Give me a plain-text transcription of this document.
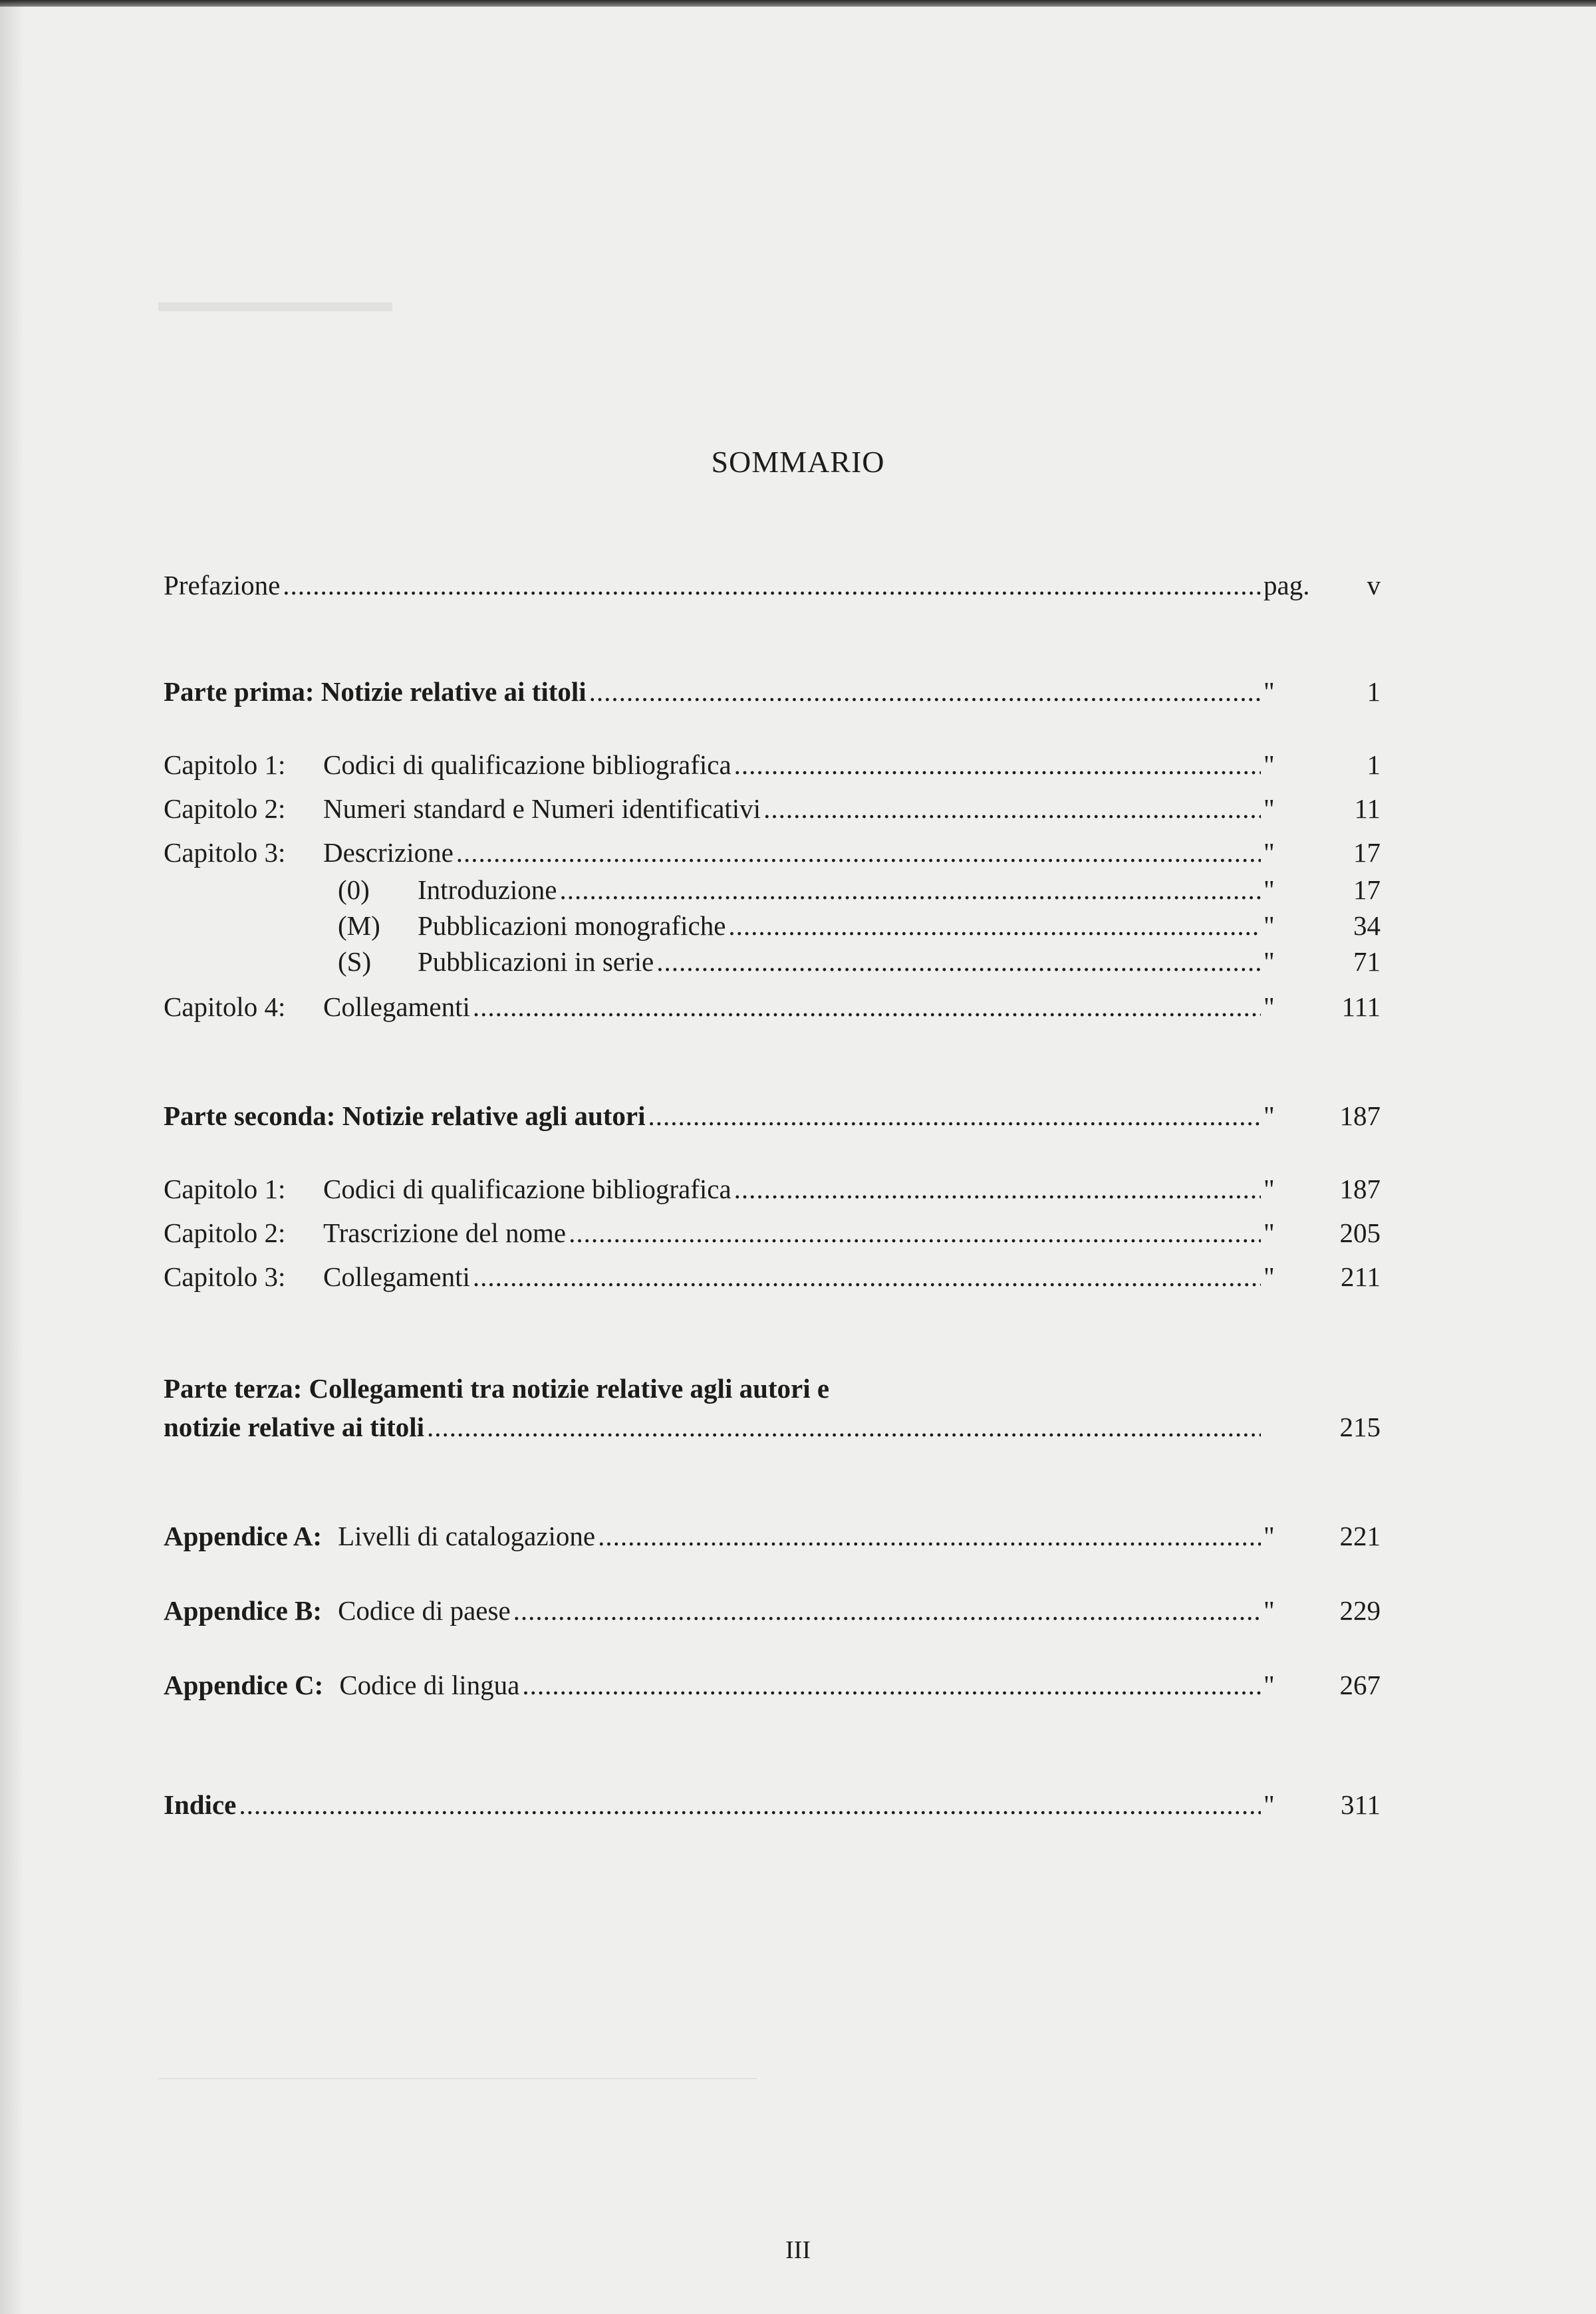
▬▬▬▬▬▬▬▬
SOMMARIO
Prefazione .....	pag.	v
Parte prima: Notizie relative ai titoli .....	"	1
Capitolo 1:	Codici di qualificazione bibliografica .....	"	1
Capitolo 2:	Numeri standard e Numeri identificativi .....	"	11
Capitolo 3:	Descrizione .....	"	17
(0)	Introduzione .....	"	17
(M)	Pubblicazioni monografiche .....	"	34
(S)	Pubblicazioni in serie .....	"	71
Capitolo 4:	Collegamenti .....	"	111
Parte seconda: Notizie relative agli autori .....	"	187
Capitolo 1:	Codici di qualificazione bibliografica .....	"	187
Capitolo 2:	Trascrizione del nome .....	"	205
Capitolo 3:	Collegamenti .....	"	211
Parte terza: Collegamenti tra notizie relative agli autori e
notizie relative ai titoli .....	215
Appendice A: Livelli di catalogazione .....	"	221
Appendice B: Codice di paese .....	"	229
Appendice C: Codice di lingua .....	"	267
Indice .....	"	311
III
